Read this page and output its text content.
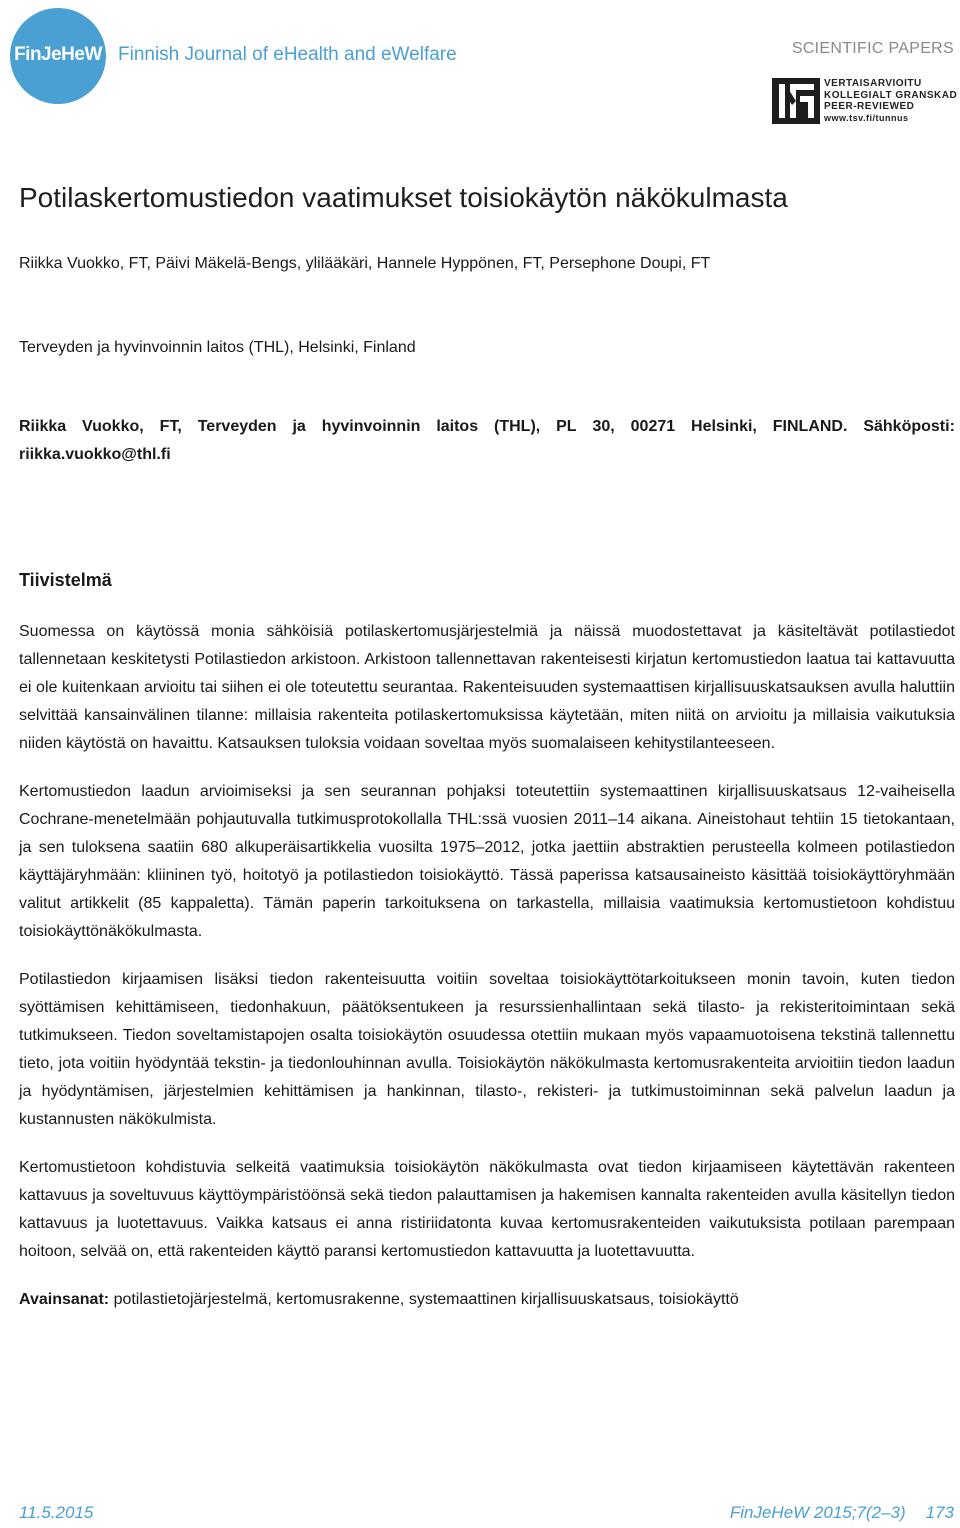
FinJeHeW Finnish Journal of eHealth and eWelfare	SCIENTIFIC PAPERS
VERTAISARVIOITU
KOLLEGIALT GRANSKAD
PEER-REVIEWED
www.tsv.fi/tunnus
Potilaskertomustiedon vaatimukset toisiokäytön näkökulmasta
Riikka Vuokko, FT, Päivi Mäkelä-Bengs, ylilääkäri, Hannele Hyppönen, FT, Persephone Doupi, FT
Terveyden ja hyvinvoinnin laitos (THL), Helsinki, Finland
Riikka Vuokko, FT, Terveyden ja hyvinvoinnin laitos (THL), PL 30, 00271 Helsinki, FINLAND. Sähköposti:
riikka.vuokko@thl.fi
Tiivistelmä

Suomessa on käytössä monia sähköisiä potilaskertomusjärjestelmiä ja näissä muodostettavat ja käsiteltävät potilastiedot tallennetaan keskitetysti Potilastiedon arkistoon. Arkistoon tallennettavan rakenteisesti kirjatun kertomustiedon laatua tai kattavuutta ei ole kuitenkaan arvioitu tai siihen ei ole toteutettu seurantaa. Rakenteisuuden systemaattisen kirjallisuuskatsauksen avulla haluttiin selvittää kansainvälinen tilanne: millaisia rakenteita potilaskertomuksissa käytetään, miten niitä on arvioitu ja millaisia vaikutuksia niiden käytöstä on havaittu. Katsauksen tuloksia voidaan soveltaa myös suomalaiseen kehitystilanteeseen.

Kertomustiedon laadun arvioimiseksi ja sen seurannan pohjaksi toteutettiin systemaattinen kirjallisuuskatsaus 12-vaiheisella Cochrane-menetelmään pohjautuvalla tutkimusprotokollalla THL:ssä vuosien 2011–14 aikana. Aineistohaut tehtiin 15 tietokantaan, ja sen tuloksena saatiin 680 alkuperäisartikkelia vuosilta 1975–2012, jotka jaettiin abstraktien perusteella kolmeen potilastiedon käyttäjäryhmään: kliininen työ, hoitotyö ja potilastiedon toisiokäyttö. Tässä paperissa katsausaineisto käsittää toisiokäyttöryhmään valitut artikkelit (85 kappaletta). Tämän paperin tarkoituksena on tarkastella, millaisia vaatimuksia kertomustietoon kohdistuu toisiokäyttönäkökulmasta.

Potilastiedon kirjaamisen lisäksi tiedon rakenteisuutta voitiin soveltaa toisiokäyttötarkoitukseen monin tavoin, kuten tiedon syöttämisen kehittämiseen, tiedonhakuun, päätöksentukeen ja resurssienhallintaan sekä tilasto- ja rekisteritoimintaan sekä tutkimukseen. Tiedon soveltamistapojen osalta toisiokäytön osuudessa otettiin mukaan myös vapaamuotoisena tekstinä tallennettu tieto, jota voitiin hyödyntää tekstin- ja tiedonlouhinnan avulla. Toisiokäytön näkökulmasta kertomusrakenteita arvioitiin tiedon laadun ja hyödyntämisen, järjestelmien kehittämisen ja hankinnan, tilasto-, rekisteri- ja tutkimustoiminnan sekä palvelun laadun ja kustannusten näkökulmista.

Kertomustietoon kohdistuvia selkeitä vaatimuksia toisiokäytön näkökulmasta ovat tiedon kirjaamiseen käytettävän rakenteen kattavuus ja soveltuvuus käyttöympäristöönsä sekä tiedon palauttamisen ja hakemisen kannalta rakenteiden avulla käsitellyn tiedon kattavuus ja luotettavuus. Vaikka katsaus ei anna ristiriidatonta kuvaa kertomusrakenteiden vaikutuksista potilaan parempaan hoitoon, selvää on, että rakenteiden käyttö paransi kertomustiedon kattavuutta ja luotettavuutta.

Avainsanat: potilastietojärjestelmä, kertomusrakenne, systemaattinen kirjallisuuskatsaus, toisiokäyttö

11.5.2015	FinJeHeW 2015;7(2–3) 173
